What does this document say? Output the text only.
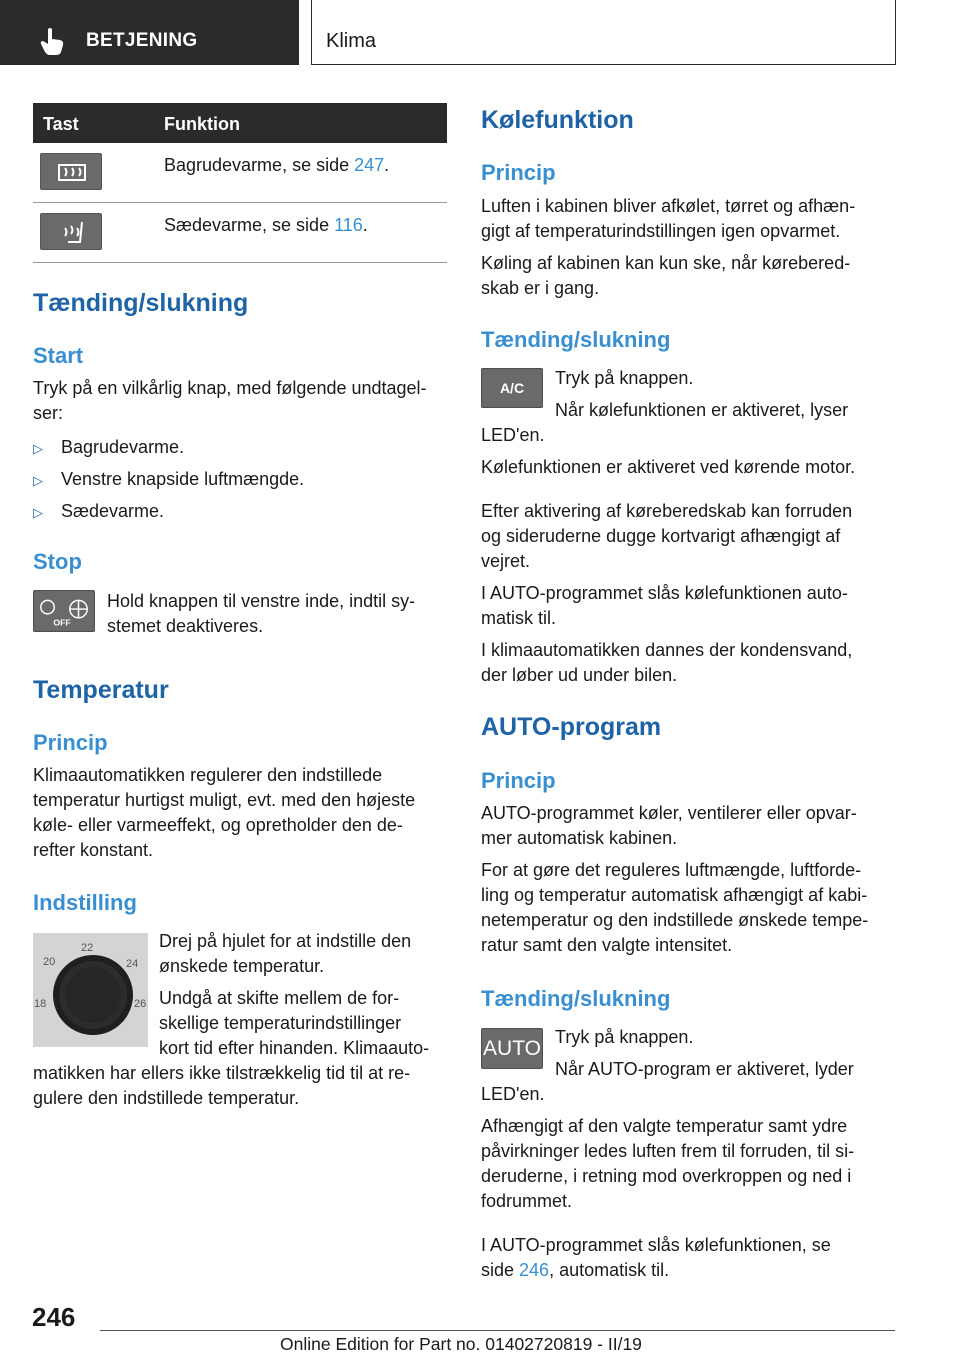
BETJENING	Klima
Tast	Funktion
Bagrudevarme, se side 247.
Sædevarme, se side 116.
Tænding/slukning
Start
Tryk på en vilkårlig knap, med følgende undtagel-
ser:
▷ Bagrudevarme.
▷ Venstre knapside luftmængde.
▷ Sædevarme.
Stop
OFF
Hold knappen til venstre inde, indtil sy-
stemet deaktiveres.
Temperatur
Princip
Klimaautomatikken regulerer den indstillede
temperatur hurtigst muligt, evt. med den højeste
køle- eller varmeeffekt, og opretholder den de-
refter konstant.
Indstilling
22
20	24
18	26
Drej på hjulet for at indstille den
ønskede temperatur.
Undgå at skifte mellem de for-
skellige temperaturindstillinger
kort tid efter hinanden. Klimaauto-
matikken har ellers ikke tilstrækkelig tid til at re-
gulere den indstillede temperatur.
Kølefunktion
Princip
Luften i kabinen bliver afkølet, tørret og afhæn-
gigt af temperaturindstillingen igen opvarmet.
Køling af kabinen kan kun ske, når kørebered-
skab er i gang.
Tænding/slukning
A/C Tryk på knappen.
Når kølefunktionen er aktiveret, lyser
LED'en.
Kølefunktionen er aktiveret ved kørende motor.
Efter aktivering af køreberedskab kan forruden
og sideruderne dugge kortvarigt afhængigt af
vejret.
I AUTO-programmet slås kølefunktionen auto-
matisk til.
I klimaautomatikken dannes der kondensvand,
der løber ud under bilen.
AUTO-program
Princip
AUTO-programmet køler, ventilerer eller opvar-
mer automatisk kabinen.
For at gøre det reguleres luftmængde, luftforde-
ling og temperatur automatisk afhængigt af kabi-
netemperatur og den indstillede ønskede tempe-
ratur samt den valgte intensitet.
Tænding/slukning
AUTO Tryk på knappen.
Når AUTO-program er aktiveret, lyder
LED'en.
Afhængigt af den valgte temperatur samt ydre
påvirkninger ledes luften frem til forruden, til si-
deruderne, i retning mod overkroppen og ned i
fodrummet.
I AUTO-programmet slås kølefunktionen, se
side 246, automatisk til.
246
Online Edition for Part no. 01402720819 - II/19
